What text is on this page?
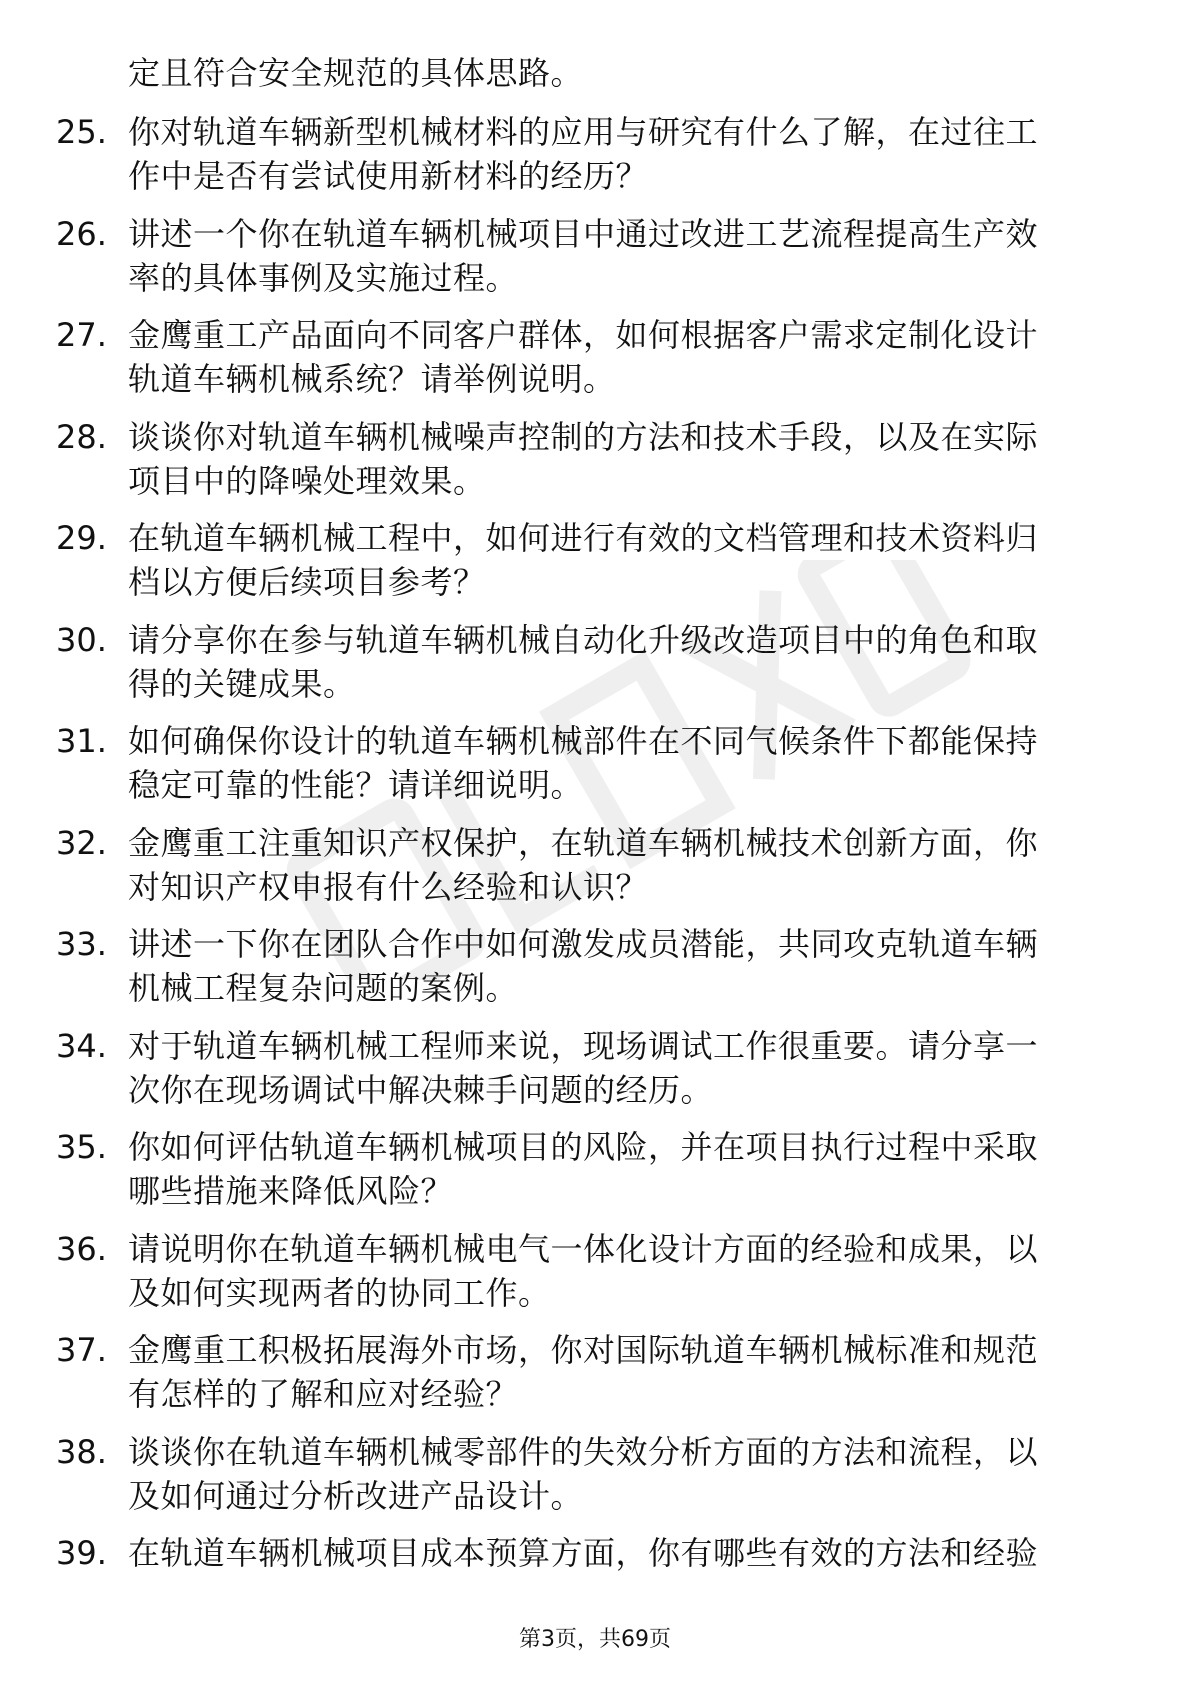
定且符合安全规范的具体思路。
25. 你对轨道车辆新型机械材料的应用与研究有什么了解，在过往工
作中是否有尝试使用新材料的经历？
26. 讲述一个你在轨道车辆机械项目中通过改进工艺流程提高生产效
率的具体事例及实施过程。
27. 金鹰重工产品面向不同客户群体，如何根据客户需求定制化设计
轨道车辆机械系统？请举例说明。
28. 谈谈你对轨道车辆机械噪声控制的方法和技术手段，以及在实际
项目中的降噪处理效果。
29. 在轨道车辆机械工程中，如何进行有效的文档管理和技术资料归
档以方便后续项目参考？
30. 请分享你在参与轨道车辆机械自动化升级改造项目中的角色和取
得的关键成果。
31. 如何确保你设计的轨道车辆机械部件在不同气候条件下都能保持
稳定可靠的性能？请详细说明。
32. 金鹰重工注重知识产权保护，在轨道车辆机械技术创新方面，你
对知识产权申报有什么经验和认识？
33. 讲述一下你在团队合作中如何激发成员潜能，共同攻克轨道车辆
机械工程复杂问题的案例。
34. 对于轨道车辆机械工程师来说，现场调试工作很重要。请分享一
次你在现场调试中解决棘手问题的经历。
35. 你如何评估轨道车辆机械项目的风险，并在项目执行过程中采取
哪些措施来降低风险？
36. 请说明你在轨道车辆机械电气一体化设计方面的经验和成果，以
及如何实现两者的协同工作。
37. 金鹰重工积极拓展海外市场，你对国际轨道车辆机械标准和规范
有怎样的了解和应对经验？
38. 谈谈你在轨道车辆机械零部件的失效分析方面的方法和流程，以
及如何通过分析改进产品设计。
39. 在轨道车辆机械项目成本预算方面，你有哪些有效的方法和经验
第3页，共69页
